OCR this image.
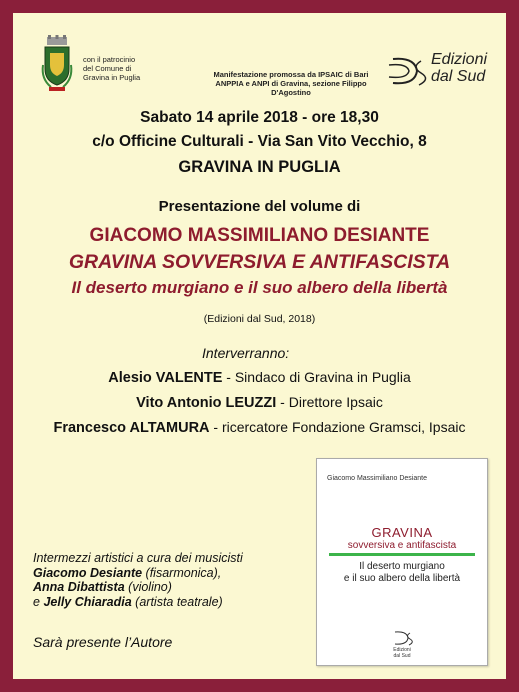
con il patrocinio
del Comune di
Gravina in Puglia	Manifestazione promossa da IPSAIC di Bari
ANPPIA e ANPI di Gravina, sezione Filippo D'Agostino
Edizioni
dal Sud
Sabato 14 aprile 2018 - ore 18,30
c/o Officine Culturali - Via San Vito Vecchio, 8
GRAVINA IN PUGLIA
Presentazione del volume di
GIACOMO MASSIMILIANO DESIANTE
GRAVINA SOVVERSIVA E ANTIFASCISTA
Il deserto murgiano e il suo albero della libertà
(Edizioni dal Sud, 2018)
Interverranno:
Alesio VALENTE - Sindaco di Gravina in Puglia
Vito Antonio LEUZZI - Direttore Ipsaic
Francesco ALTAMURA - ricercatore Fondazione Gramsci, Ipsaic
Giacomo Massimiliano Desiante
GRAVINA
sovversiva e antifascista
Il deserto murgiano
e il suo albero della libertà
Edizioni
dal Sud
Intermezzi artistici a cura dei musicisti
Giacomo Desiante (fisarmonica),
Anna Dibattista (violino)
e Jelly Chiaradia (artista teatrale)
Sarà presente l’Autore
